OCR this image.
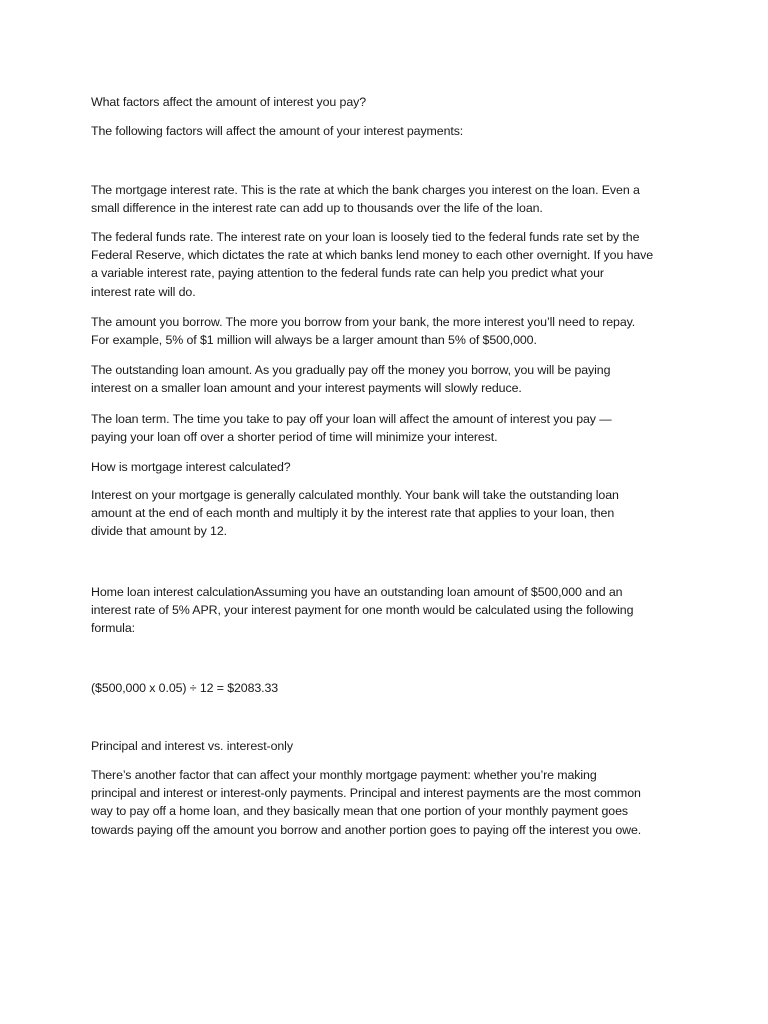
What factors affect the amount of interest you pay?

The following factors will affect the amount of your interest payments:

The mortgage interest rate. This is the rate at which the bank charges you interest on the loan. Even a
small difference in the interest rate can add up to thousands over the life of the loan.

The federal funds rate. The interest rate on your loan is loosely tied to the federal funds rate set by the
Federal Reserve, which dictates the rate at which banks lend money to each other overnight. If you have
a variable interest rate, paying attention to the federal funds rate can help you predict what your
interest rate will do.

The amount you borrow. The more you borrow from your bank, the more interest you’ll need to repay.
For example, 5% of $1 million will always be a larger amount than 5% of $500,000.

The outstanding loan amount. As you gradually pay off the money you borrow, you will be paying
interest on a smaller loan amount and your interest payments will slowly reduce.

The loan term. The time you take to pay off your loan will affect the amount of interest you pay —
paying your loan off over a shorter period of time will minimize your interest.

How is mortgage interest calculated?

Interest on your mortgage is generally calculated monthly. Your bank will take the outstanding loan
amount at the end of each month and multiply it by the interest rate that applies to your loan, then
divide that amount by 12.

Home loan interest calculationAssuming you have an outstanding loan amount of $500,000 and an
interest rate of 5% APR, your interest payment for one month would be calculated using the following
formula:

($500,000 x 0.05) ÷ 12 = $2083.33

Principal and interest vs. interest-only

There’s another factor that can affect your monthly mortgage payment: whether you’re making
principal and interest or interest-only payments. Principal and interest payments are the most common
way to pay off a home loan, and they basically mean that one portion of your monthly payment goes
towards paying off the amount you borrow and another portion goes to paying off the interest you owe.
